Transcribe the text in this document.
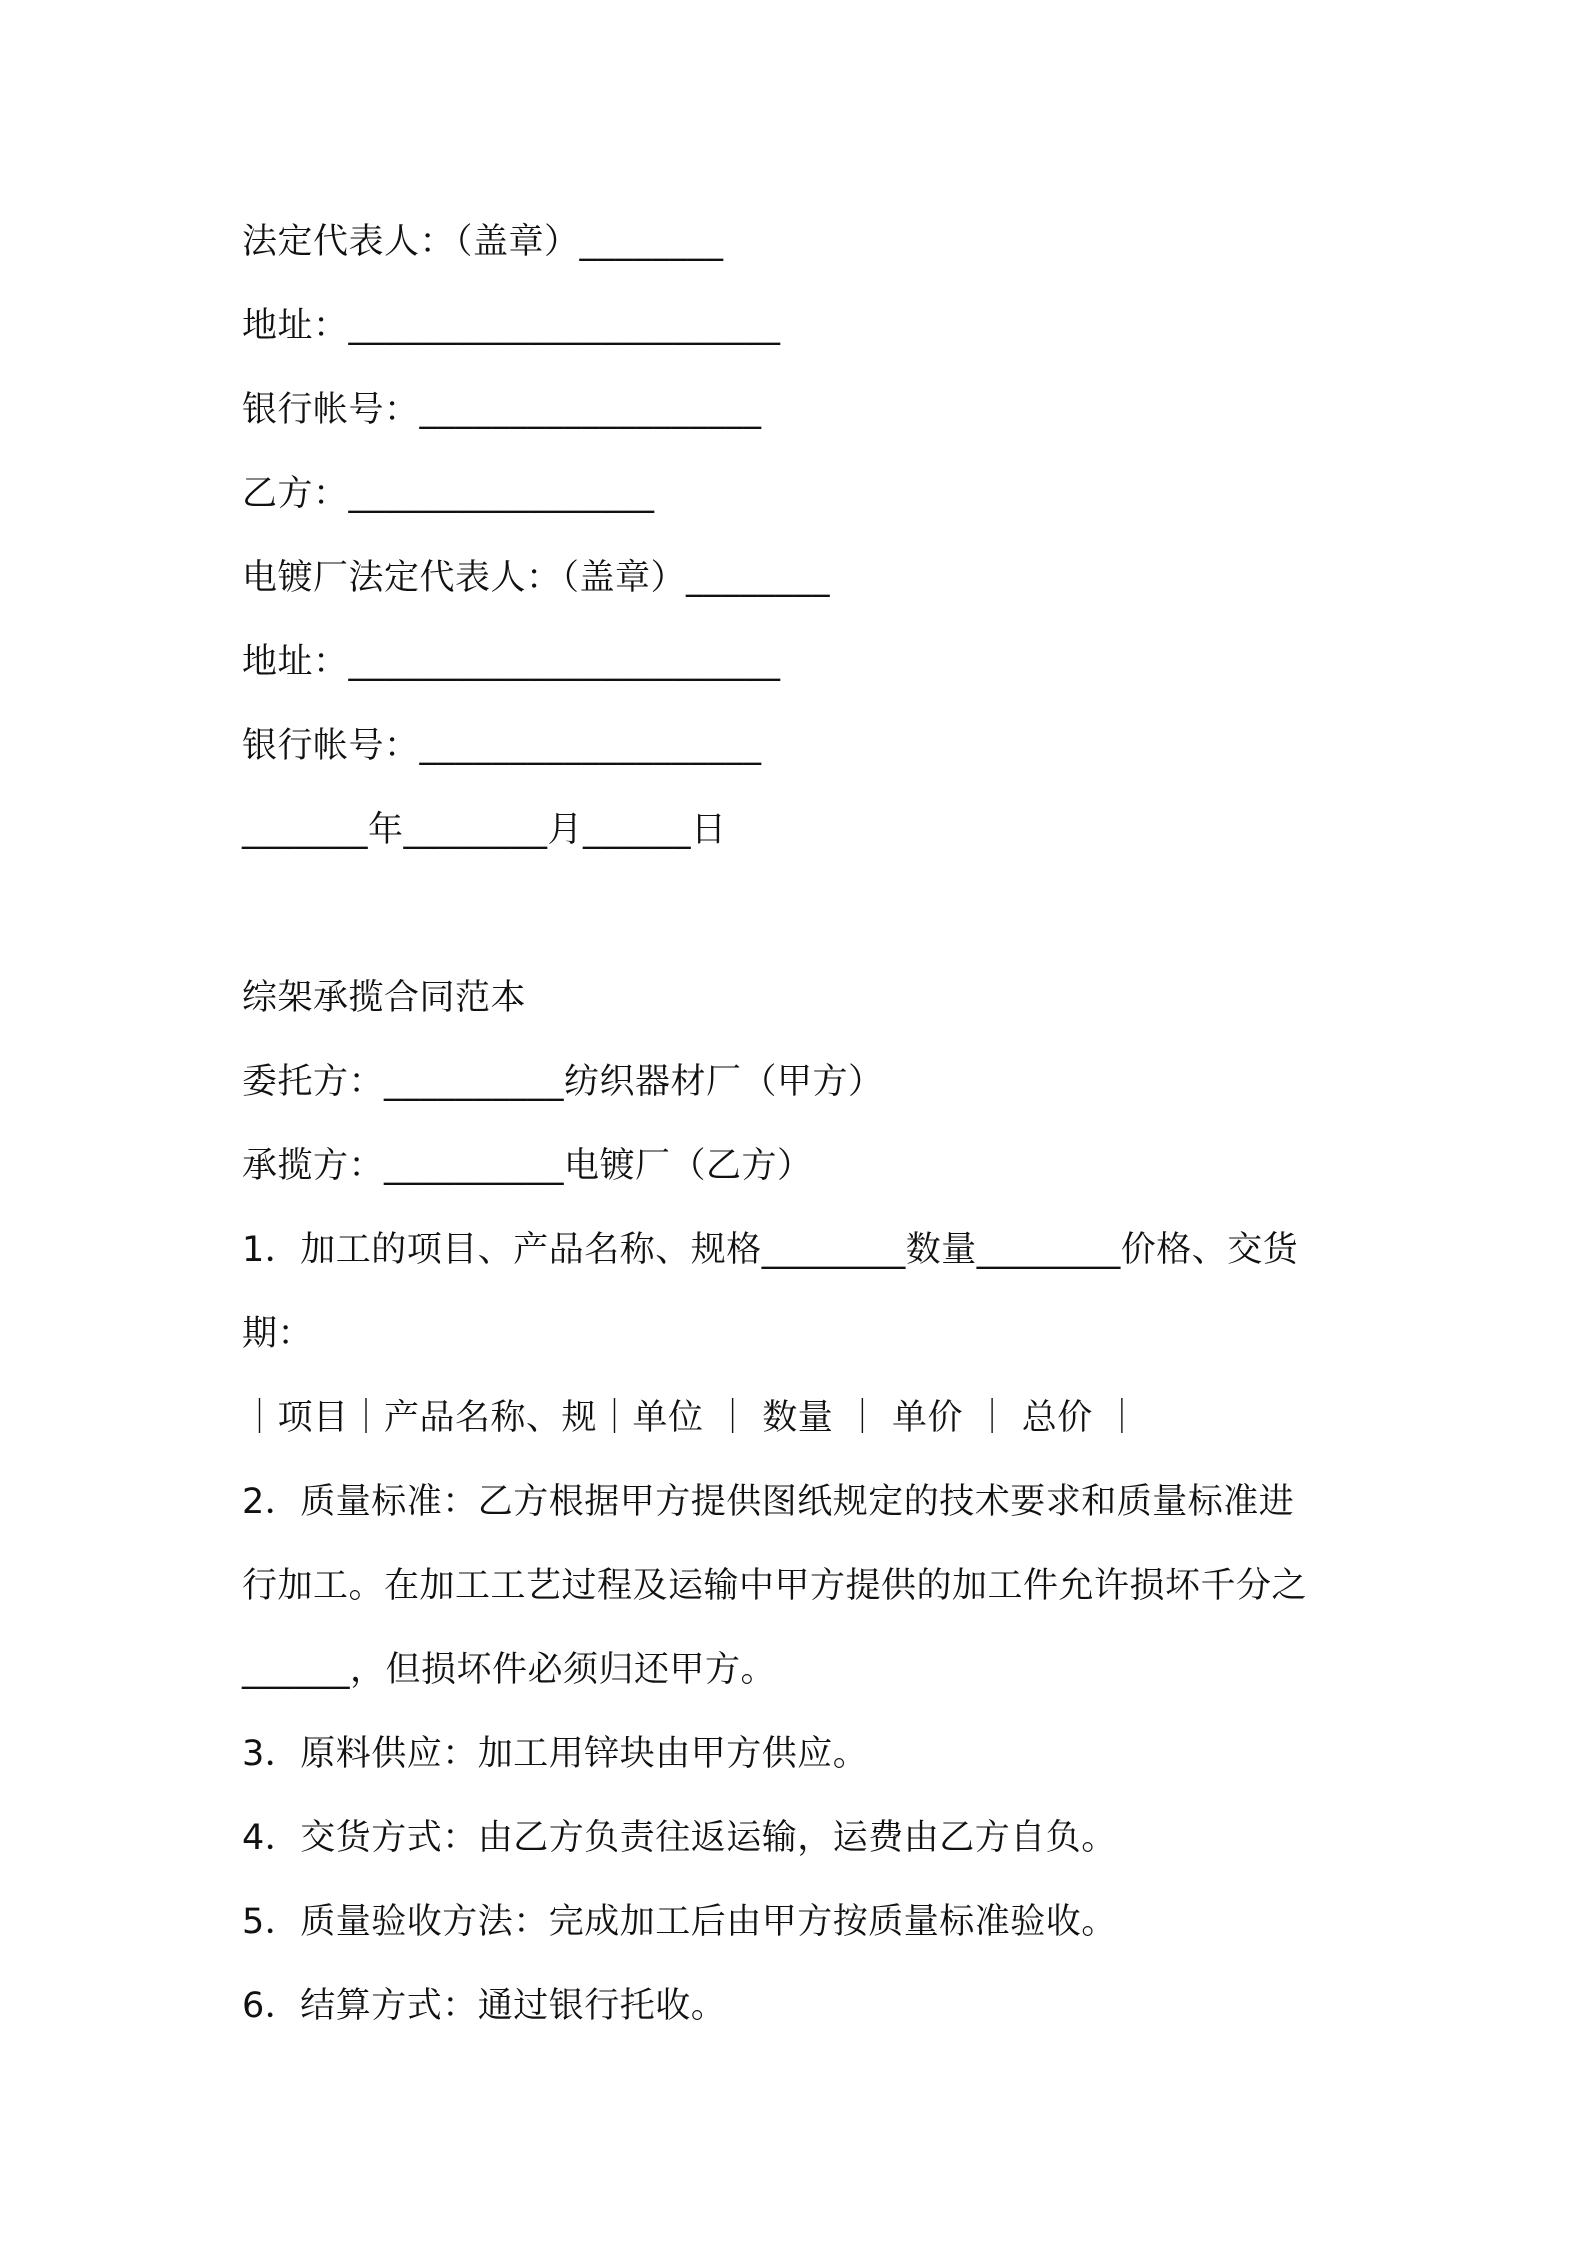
法定代表人：（盖章）________
地址：________________________
银行帐号：___________________
乙方：_________________
电镀厂法定代表人：（盖章）________
地址：________________________
银行帐号：___________________
_______年________月______日
综架承揽合同范本
委托方：__________纺织器材厂（甲方）
承揽方：__________电镀厂（乙方）
1．加工的项目、产品名称、规格________数量________价格、交货
期：
｜项目｜产品名称、规｜单位 ｜ 数量 ｜ 单价 ｜ 总价 ｜
2．质量标准：乙方根据甲方提供图纸规定的技术要求和质量标准进
行加工。在加工工艺过程及运输中甲方提供的加工件允许损坏千分之
______，但损坏件必须归还甲方。
3．原料供应：加工用锌块由甲方供应。
4．交货方式：由乙方负责往返运输，运费由乙方自负。
5．质量验收方法：完成加工后由甲方按质量标准验收。
6．结算方式：通过银行托收。
